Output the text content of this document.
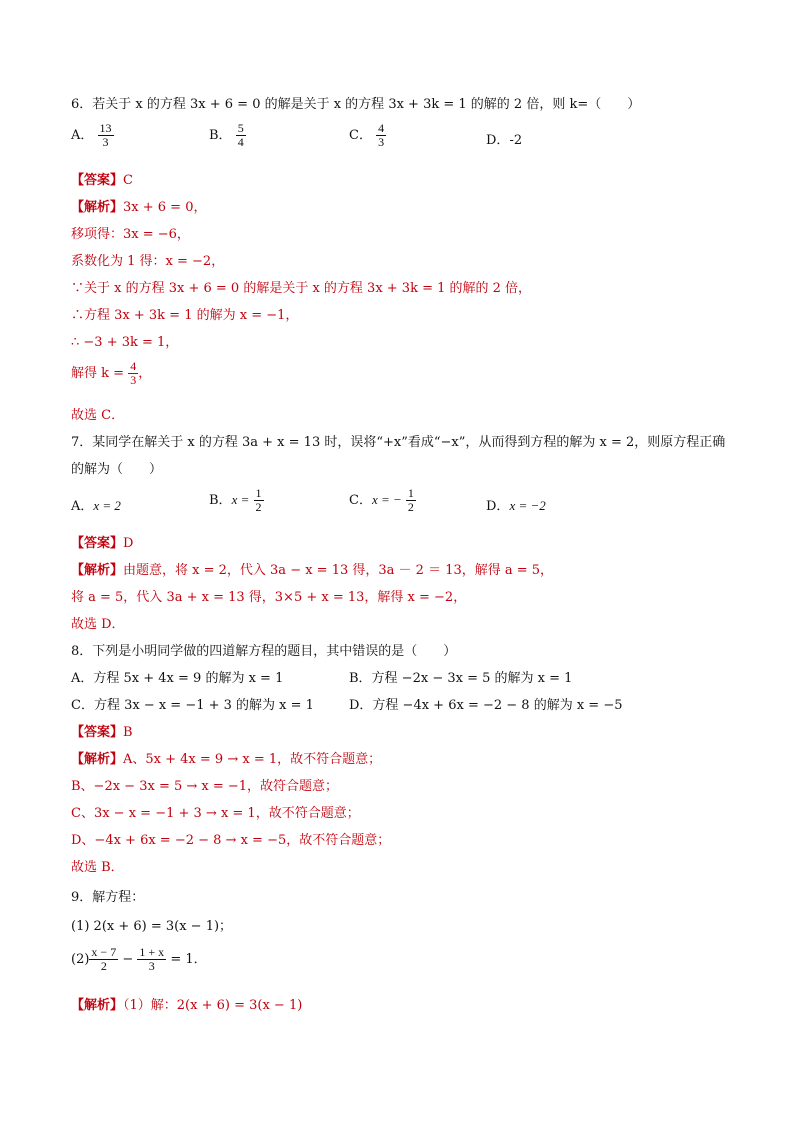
6．若关于 x 的方程 3x + 6 = 0 的解是关于 x 的方程 3x + 3k = 1 的解的 2 倍，则 k=（　　）
A． $\frac{13}{3}$	B． $\frac{5}{4}$	C． $\frac{4}{3}$	D．-2
【答案】C
【解析】3x + 6 = 0，
移项得：3x = −6，
系数化为 1 得：x = −2，
∵关于 x 的方程 3x + 6 = 0 的解是关于 x 的方程 3x + 3k = 1 的解的 2 倍，
∴方程 3x + 3k = 1 的解为 x = −1，
∴ −3 + 3k = 1，
解得 $k = \frac{4}{3}$ ，
故选 C．
7．某同学在解关于 x 的方程 3a + x = 13 时，误将“+x”看成“−x”，从而得到方程的解为 x = 2，则原方程正确
的解为（　　）
A．x = 2	B．$x = \frac{1}{2}$	C．x = − $\frac{1}{2}$	D．x = −2
【答案】D
【解析】由题意，将 x = 2，代入 3a − x = 13 得，3a － 2 ＝ 13，解得 a = 5，
将 a = 5，代入 3a + x = 13 得，3×5 + x = 13，解得 x = −2，
故选 D．
8．下列是小明同学做的四道解方程的题目，其中错误的是（　　）
A．方程 5x + 4x = 9 的解为 x = 1	B．方程 −2x − 3x = 5 的解为 x = 1
C．方程 3x − x = −1 + 3 的解为 x = 1	D．方程 −4x + 6x = −2 − 8 的解为 x = −5
【答案】B
【解析】A、5x + 4x = 9 → x = 1，故不符合题意；
B、−2x − 3x = 5 → x = −1，故符合题意；
C、3x − x = −1 + 3 → x = 1，故不符合题意；
D、−4x + 6x = −2 − 8 → x = −5，故不符合题意；
故选 B．
9．解方程：
(1) 2(x + 6) = 3(x − 1)；
$(2) \frac{x - 7}{2} - \frac{1 + x}{3} = 1$．
【解析】（1）解：2(x + 6) = 3(x − 1)
